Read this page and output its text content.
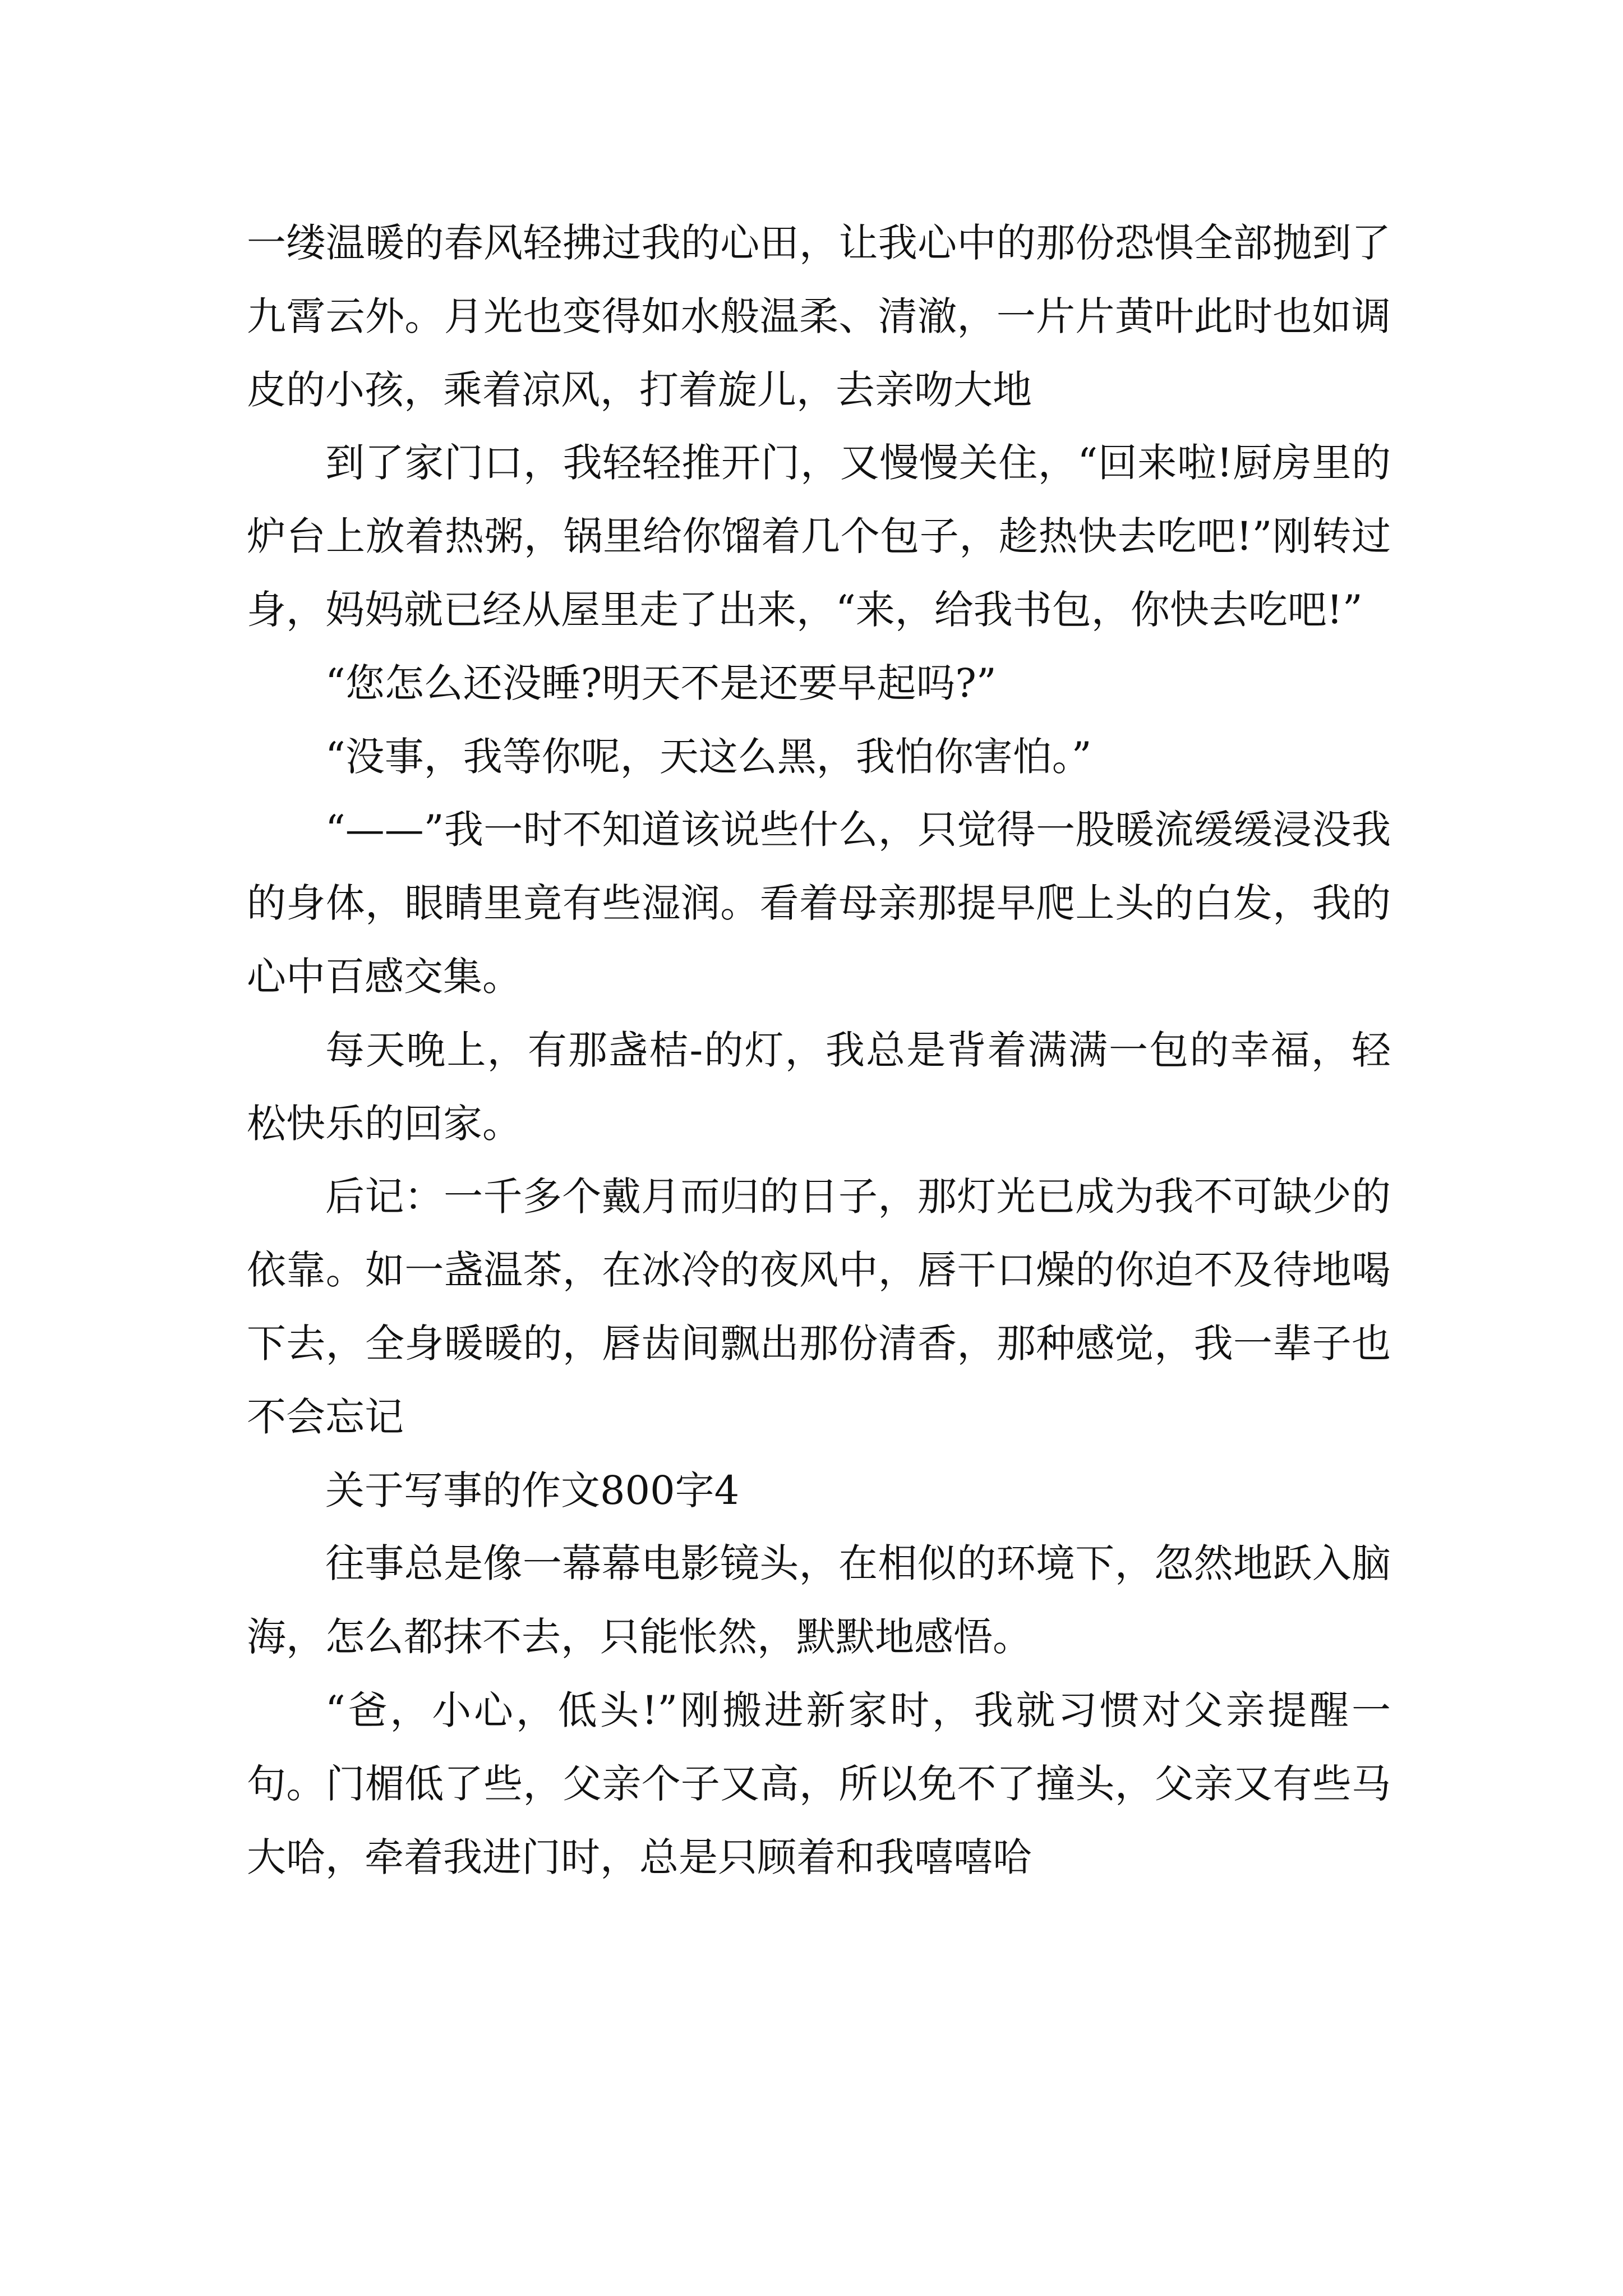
一缕温暖的春风轻拂过我的心田，让我心中的那份恐惧全部抛到了九霄云外。月光也变得如水般温柔、清澈，一片片黄叶此时也如调皮的小孩，乘着凉风，打着旋儿，去亲吻大地

到了家门口，我轻轻推开门，又慢慢关住，“回来啦!厨房里的炉台上放着热粥，锅里给你馏着几个包子，趁热快去吃吧!”刚转过身，妈妈就已经从屋里走了出来，“来，给我书包，你快去吃吧!”

“您怎么还没睡?明天不是还要早起吗?”

“没事，我等你呢，天这么黑，我怕你害怕。”

“——”我一时不知道该说些什么，只觉得一股暖流缓缓浸没我的身体，眼睛里竟有些湿润。看着母亲那提早爬上头的白发，我的心中百感交集。

每天晚上，有那盏桔-的灯，我总是背着满满一包的幸福，轻松快乐的回家。

后记：一千多个戴月而归的日子，那灯光已成为我不可缺少的依靠。如一盏温茶，在冰冷的夜风中，唇干口燥的你迫不及待地喝下去，全身暖暖的，唇齿间飘出那份清香，那种感觉，我一辈子也不会忘记

关于写事的作文800字4

往事总是像一幕幕电影镜头，在相似的环境下，忽然地跃入脑海，怎么都抹不去，只能怅然，默默地感悟。

“爸，小心，低头!”刚搬进新家时，我就习惯对父亲提醒一句。门楣低了些，父亲个子又高，所以免不了撞头，父亲又有些马大哈，牵着我进门时，总是只顾着和我嘻嘻哈
